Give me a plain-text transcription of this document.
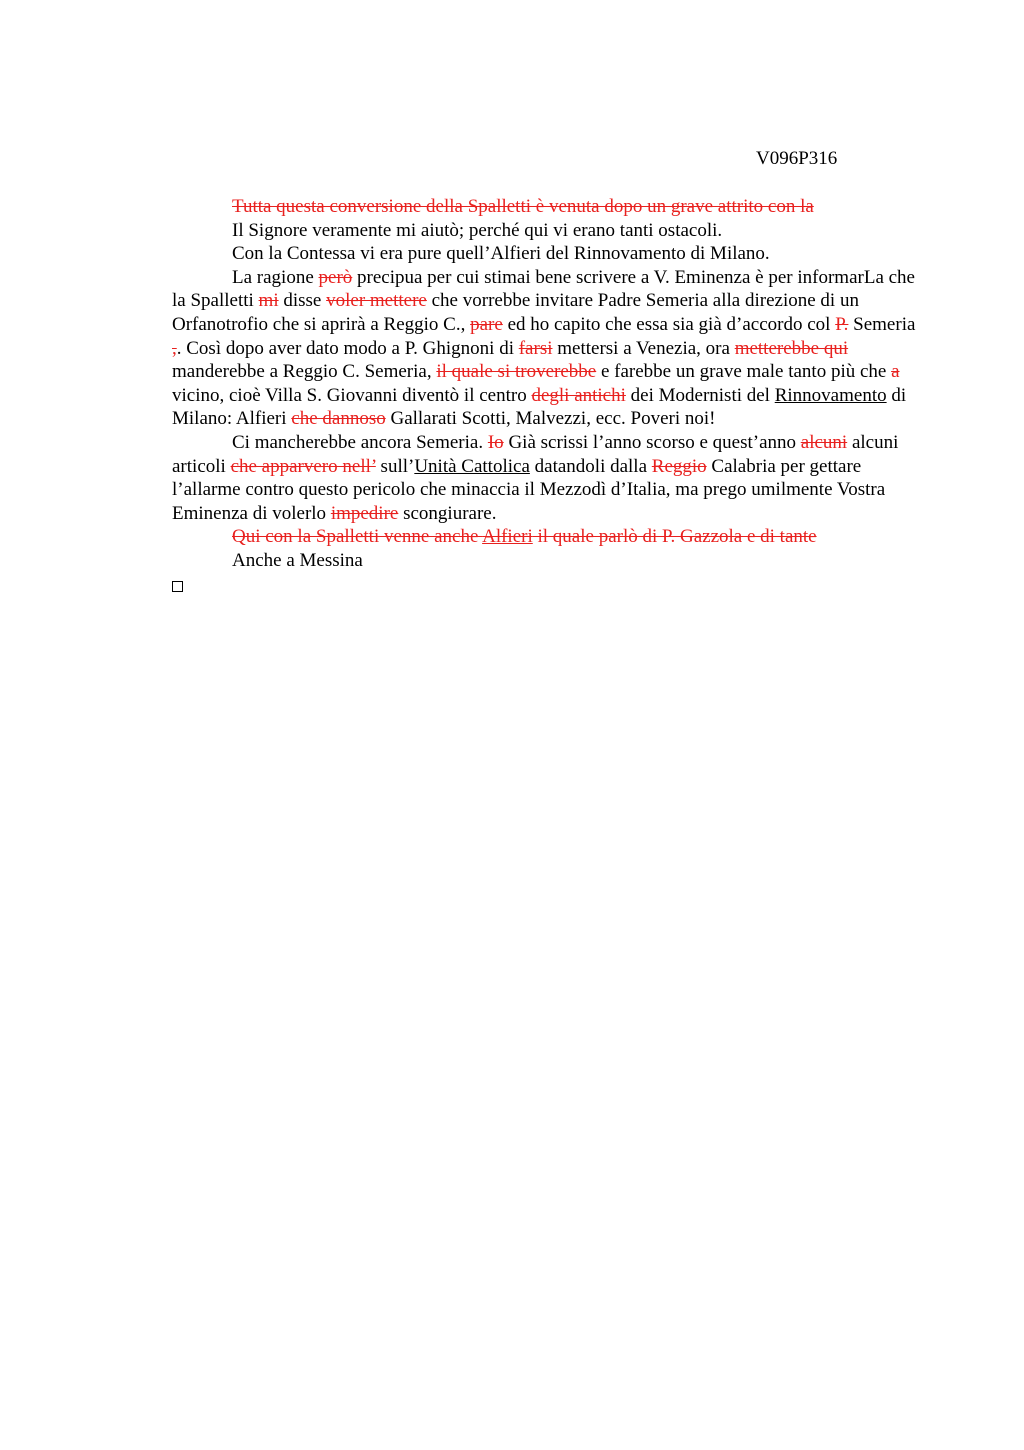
V096P316

Tutta questa conversione della Spalletti è venuta dopo un grave attrito con la

Il Signore veramente mi aiutò; perché qui vi erano tanti ostacoli.

Con la Contessa vi era pure quell’Alfieri del Rinnovamento di Milano.

La ragione però precipua per cui stimai bene scrivere a V. Eminenza è per informarLa che la Spalletti mi disse voler mettere che vorrebbe invitare Padre Semeria alla direzione di un Orfanotrofio che si aprirà a Reggio C., pare ed ho capito che essa sia già d’accordo col P. Semeria ,. Così dopo aver dato modo a P. Ghignoni di farsi mettersi a Venezia, ora metterebbe qui manderebbe a Reggio C. Semeria, il quale si troverebbe e farebbe un grave male tanto più che a vicino, cioè Villa S. Giovanni diventò il centro degli antichi dei Modernisti del Rinnovamento di Milano: Alfieri che dannoso Gallarati Scotti, Malvezzi, ecc. Poveri noi!

Ci mancherebbe ancora Semeria. Io Già scrissi l’anno scorso e quest’anno alcuni alcuni articoli che apparvero nell’ sull’Unità Cattolica datandoli dalla Reggio Calabria per gettare l’allarme contro questo pericolo che minaccia il Mezzodì d’Italia, ma prego umilmente Vostra Eminenza di volerlo impedire scongiurare.

Qui con la Spalletti venne anche Alfieri il quale parlò di P. Gazzola e di tante

Anche a Messina
